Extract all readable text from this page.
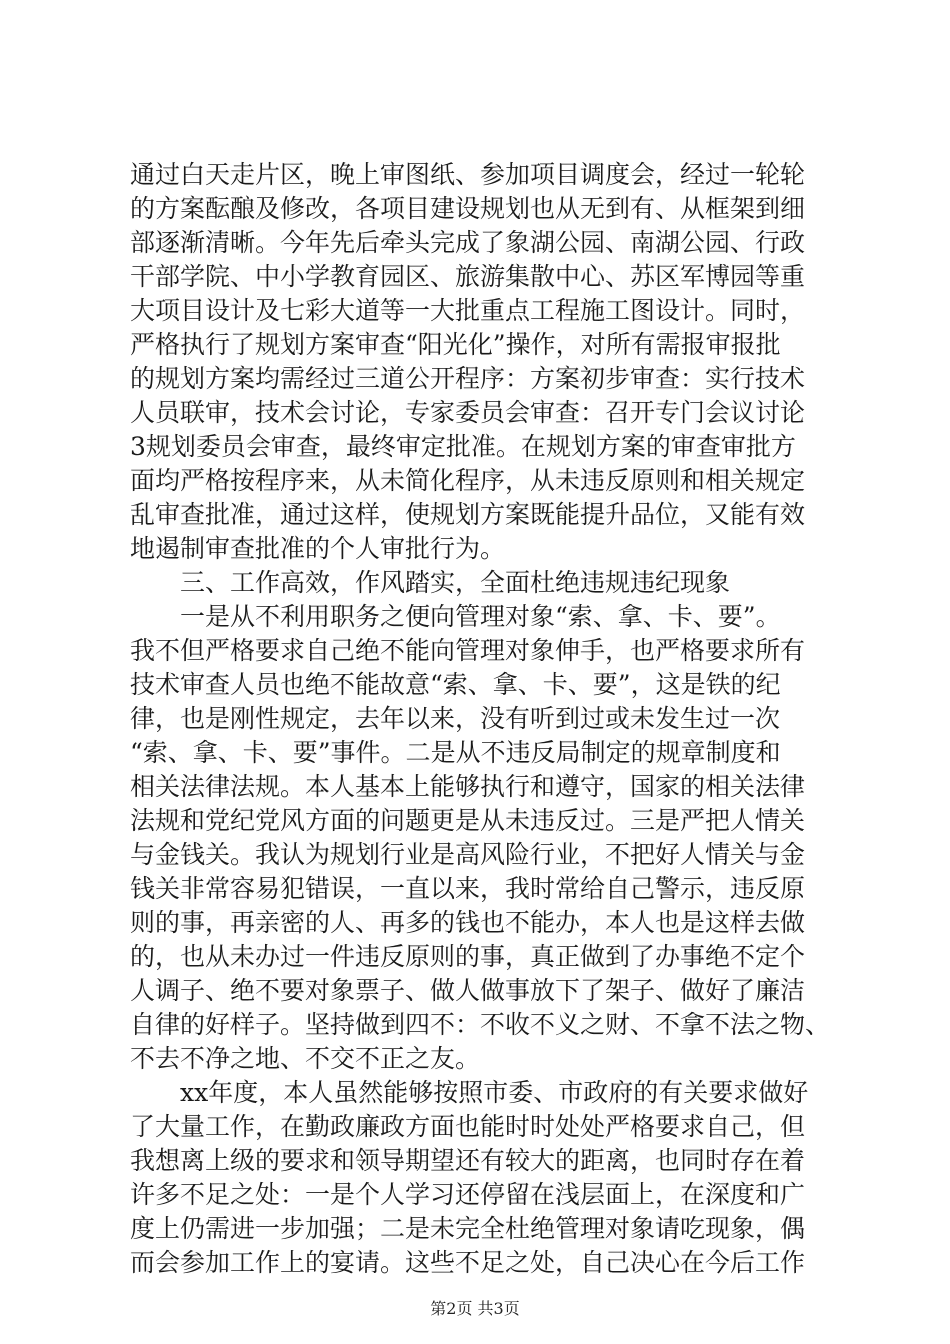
通过白天走片区，晚上审图纸、参加项目调度会，经过一轮轮
的方案酝酿及修改，各项目建设规划也从无到有、从框架到细
部逐渐清晰。今年先后牵头完成了象湖公园、南湖公园、行政
干部学院、中小学教育园区、旅游集散中心、苏区军博园等重
大项目设计及七彩大道等一大批重点工程施工图设计。同时，
严格执行了规划方案审查“阳光化”操作，对所有需报审报批
的规划方案均需经过三道公开程序：方案初步审查：实行技术
人员联审，技术会讨论，专家委员会审查：召开专门会议讨论
3规划委员会审查，最终审定批准。在规划方案的审查审批方
面均严格按程序来，从未简化程序，从未违反原则和相关规定
乱审查批准，通过这样，使规划方案既能提升品位，又能有效
地遏制审查批准的个人审批行为。
　　三、工作高效，作风踏实，全面杜绝违规违纪现象
　　一是从不利用职务之便向管理对象“索、拿、卡、要”。
我不但严格要求自己绝不能向管理对象伸手，也严格要求所有
技术审查人员也绝不能故意“索、拿、卡、要”，这是铁的纪
律，也是刚性规定，去年以来，没有听到过或未发生过一次
“索、拿、卡、要”事件。二是从不违反局制定的规章制度和
相关法律法规。本人基本上能够执行和遵守，国家的相关法律
法规和党纪党风方面的问题更是从未违反过。三是严把人情关
与金钱关。我认为规划行业是高风险行业，不把好人情关与金
钱关非常容易犯错误，一直以来，我时常给自己警示，违反原
则的事，再亲密的人、再多的钱也不能办，本人也是这样去做
的，也从未办过一件违反原则的事，真正做到了办事绝不定个
人调子、绝不要对象票子、做人做事放下了架子、做好了廉洁
自律的好样子。坚持做到四不：不收不义之财、不拿不法之物、
不去不净之地、不交不正之友。
　　xx年度，本人虽然能够按照市委、市政府的有关要求做好
了大量工作，在勤政廉政方面也能时时处处严格要求自己，但
我想离上级的要求和领导期望还有较大的距离，也同时存在着
许多不足之处：一是个人学习还停留在浅层面上，在深度和广
度上仍需进一步加强；二是未完全杜绝管理对象请吃现象，偶
而会参加工作上的宴请。这些不足之处，自己决心在今后工作
第2页 共3页
